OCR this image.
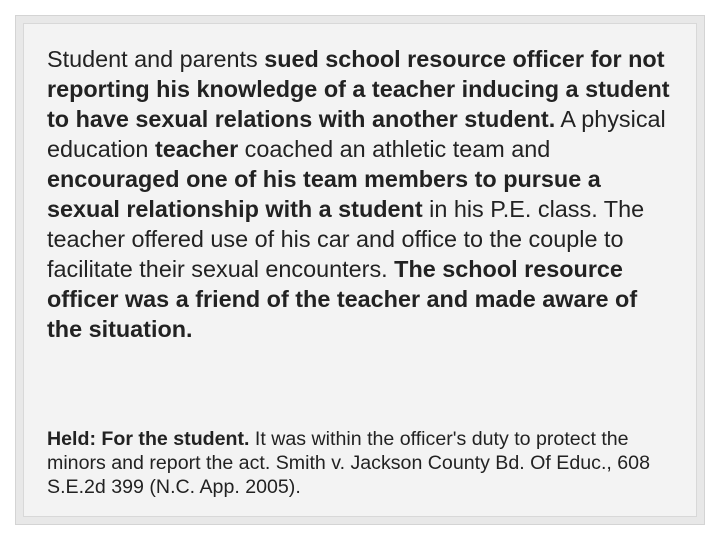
Student and parents sued school resource officer for not reporting his knowledge of a teacher inducing a student to have sexual relations with another student. A physical education teacher coached an athletic team and encouraged one of his team members to pursue a sexual relationship with a student in his P.E. class. The teacher offered use of his car and office to the couple to facilitate their sexual encounters. The school resource officer was a friend of the teacher and made aware of the situation.

Held: For the student. It was within the officer's duty to protect the minors and report the act. Smith v. Jackson County Bd. Of Educ., 608 S.E.2d 399 (N.C. App. 2005).
